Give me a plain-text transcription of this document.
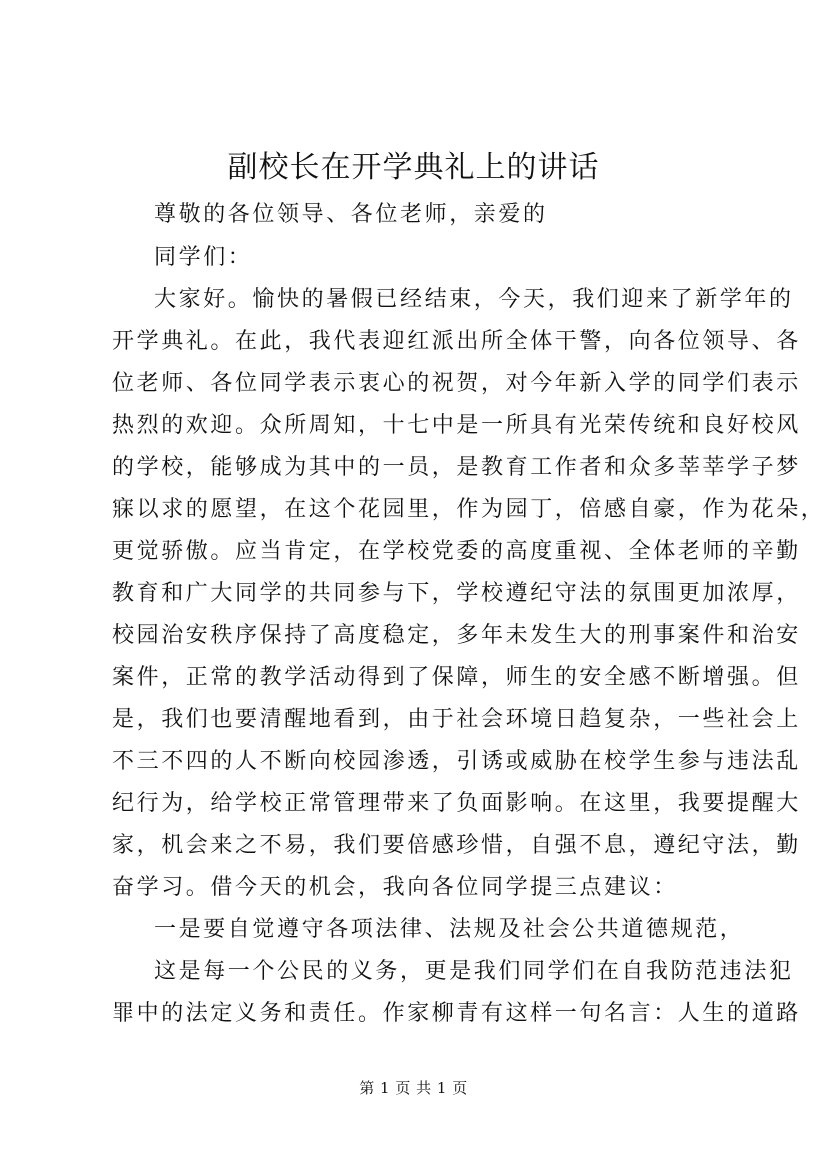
副校长在开学典礼上的讲话
尊敬的各位领导、各位老师，亲爱的
同学们：
大家好。愉快的暑假已经结束，今天，我们迎来了新学年的
开学典礼。在此，我代表迎红派出所全体干警，向各位领导、各
位老师、各位同学表示衷心的祝贺，对今年新入学的同学们表示
热烈的欢迎。众所周知，十七中是一所具有光荣传统和良好校风
的学校，能够成为其中的一员，是教育工作者和众多莘莘学子梦
寐以求的愿望，在这个花园里，作为园丁，倍感自豪，作为花朵，
更觉骄傲。应当肯定，在学校党委的高度重视、全体老师的辛勤
教育和广大同学的共同参与下，学校遵纪守法的氛围更加浓厚，
校园治安秩序保持了高度稳定，多年未发生大的刑事案件和治安
案件，正常的教学活动得到了保障，师生的安全感不断增强。但
是，我们也要清醒地看到，由于社会环境日趋复杂，一些社会上
不三不四的人不断向校园渗透，引诱或威胁在校学生参与违法乱
纪行为，给学校正常管理带来了负面影响。在这里，我要提醒大
家，机会来之不易，我们要倍感珍惜，自强不息，遵纪守法，勤
奋学习。借今天的机会，我向各位同学提三点建议：
一是要自觉遵守各项法律、法规及社会公共道德规范，
这是每一个公民的义务，更是我们同学们在自我防范违法犯
罪中的法定义务和责任。作家柳青有这样一句名言：人生的道路
第 1 页 共 1 页
